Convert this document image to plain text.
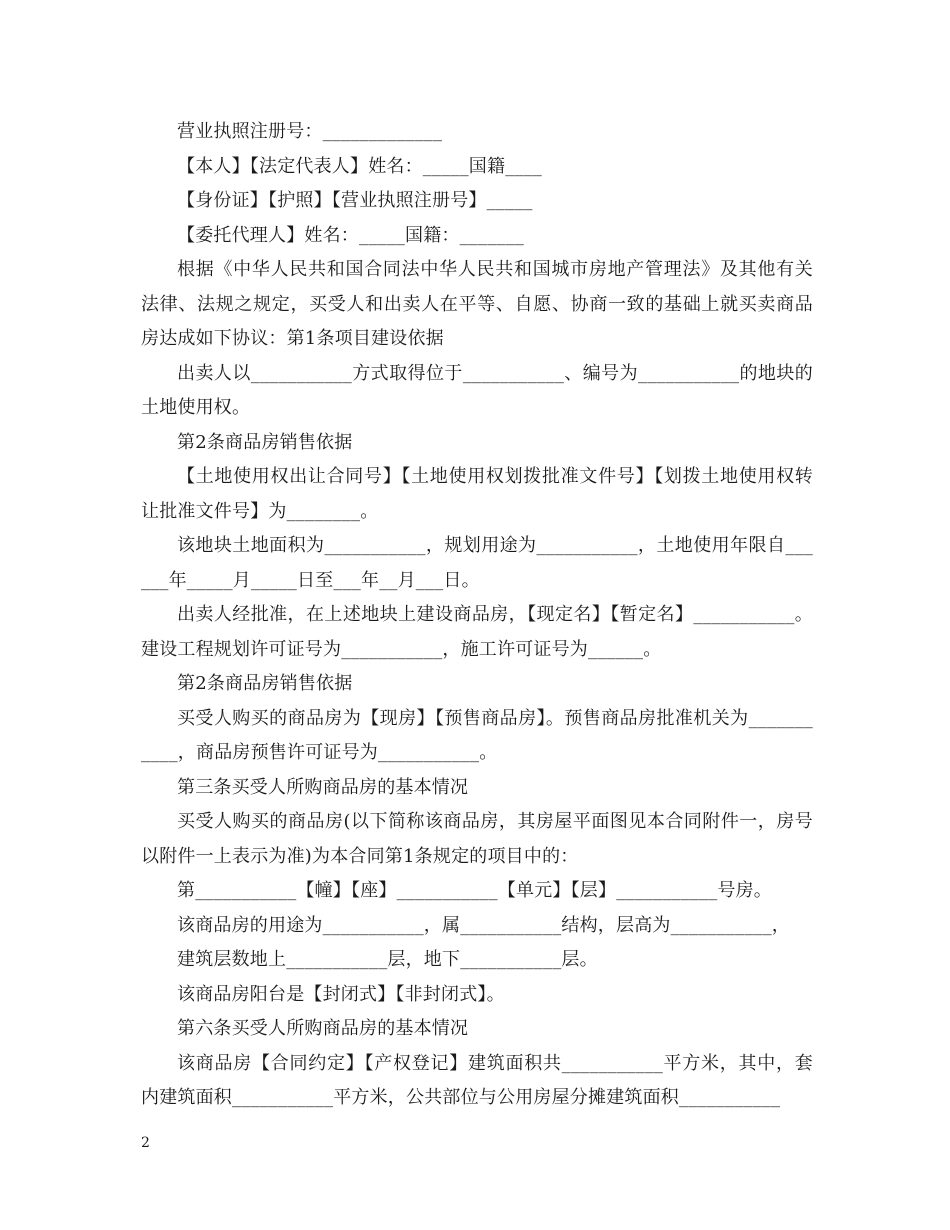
营业执照注册号：_____________

【本人】【法定代表人】姓名：_____国籍____

【身份证】【护照】【营业执照注册号】_____

【委托代理人】姓名：_____国籍：_______

根据《中华人民共和国合同法中华人民共和国城市房地产管理法》及其他有关法律、法规之规定，买受人和出卖人在平等、自愿、协商一致的基础上就买卖商品房达成如下协议：第1条项目建设依据

出卖人以___________方式取得位于___________、编号为___________的地块的土地使用权。

第2条商品房销售依据

【土地使用权出让合同号】【土地使用权划拨批准文件号】【划拨土地使用权转让批准文件号】为________。

该地块土地面积为___________，规划用途为___________，土地使用年限自______年_____月_____日至___年__月___日。

出卖人经批准，在上述地块上建设商品房，【现定名】【暂定名】___________。建设工程规划许可证号为___________，施工许可证号为______。

第2条商品房销售依据

买受人购买的商品房为【现房】【预售商品房】。预售商品房批准机关为___________，商品房预售许可证号为___________。

第三条买受人所购商品房的基本情况

买受人购买的商品房(以下简称该商品房，其房屋平面图见本合同附件一，房号以附件一上表示为准)为本合同第1条规定的项目中的：

第___________【幢】【座】___________【单元】【层】___________号房。

该商品房的用途为___________，属___________结构，层高为___________，

建筑层数地上___________层，地下___________层。

该商品房阳台是【封闭式】【非封闭式】。

第六条买受人所购商品房的基本情况

该商品房【合同约定】【产权登记】建筑面积共___________平方米，其中，套内建筑面积___________平方米，公共部位与公用房屋分摊建筑面积___________

2
